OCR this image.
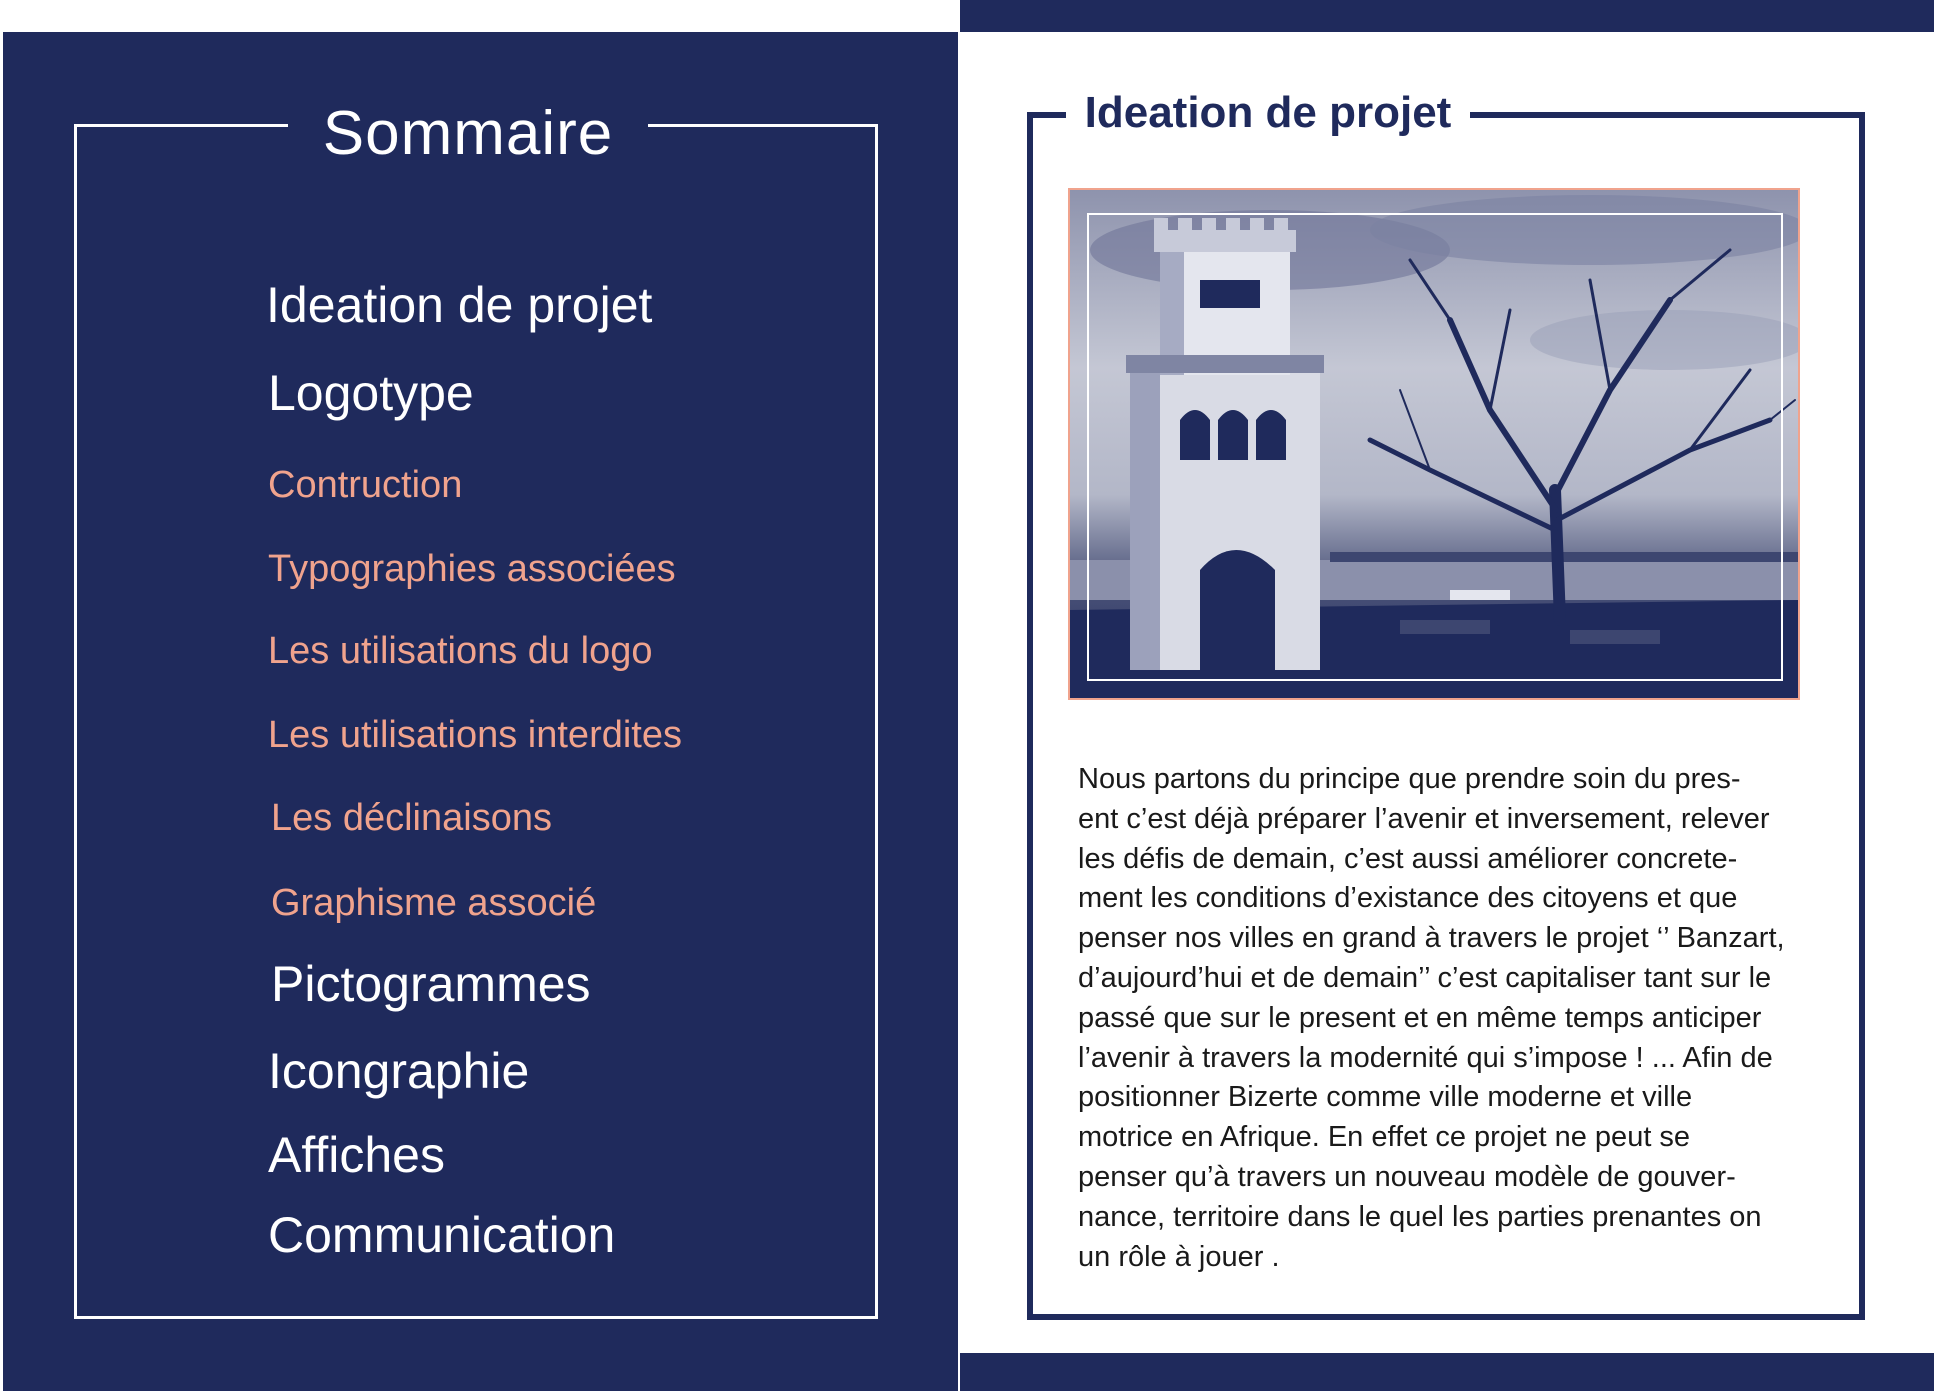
Sommaire
Ideation de projet
Logotype
Contruction
Typographies associées
Les utilisations du logo
Les utilisations interdites
Les déclinaisons
Graphisme associé
Pictogrammes
Icongraphie
Affiches
Communication
Ideation de projet
Nous partons du principe que prendre soin du pres-
ent c’est déjà préparer l’avenir et inversement, relever
les défis de demain, c’est aussi améliorer concrete-
ment les conditions d’existance des citoyens et que
penser nos villes en grand à travers le projet ‘’ Banzart,
d’aujourd’hui et de demain’’ c’est capitaliser tant sur le
passé que sur le present et en même temps anticiper
l’avenir à travers la modernité qui s’impose ! ... Afin de
positionner Bizerte comme ville moderne et ville
motrice en Afrique. En effet ce projet ne peut se
penser qu’à travers un nouveau modèle de gouver-
nance, territoire dans le quel les parties prenantes on
un rôle à jouer .
